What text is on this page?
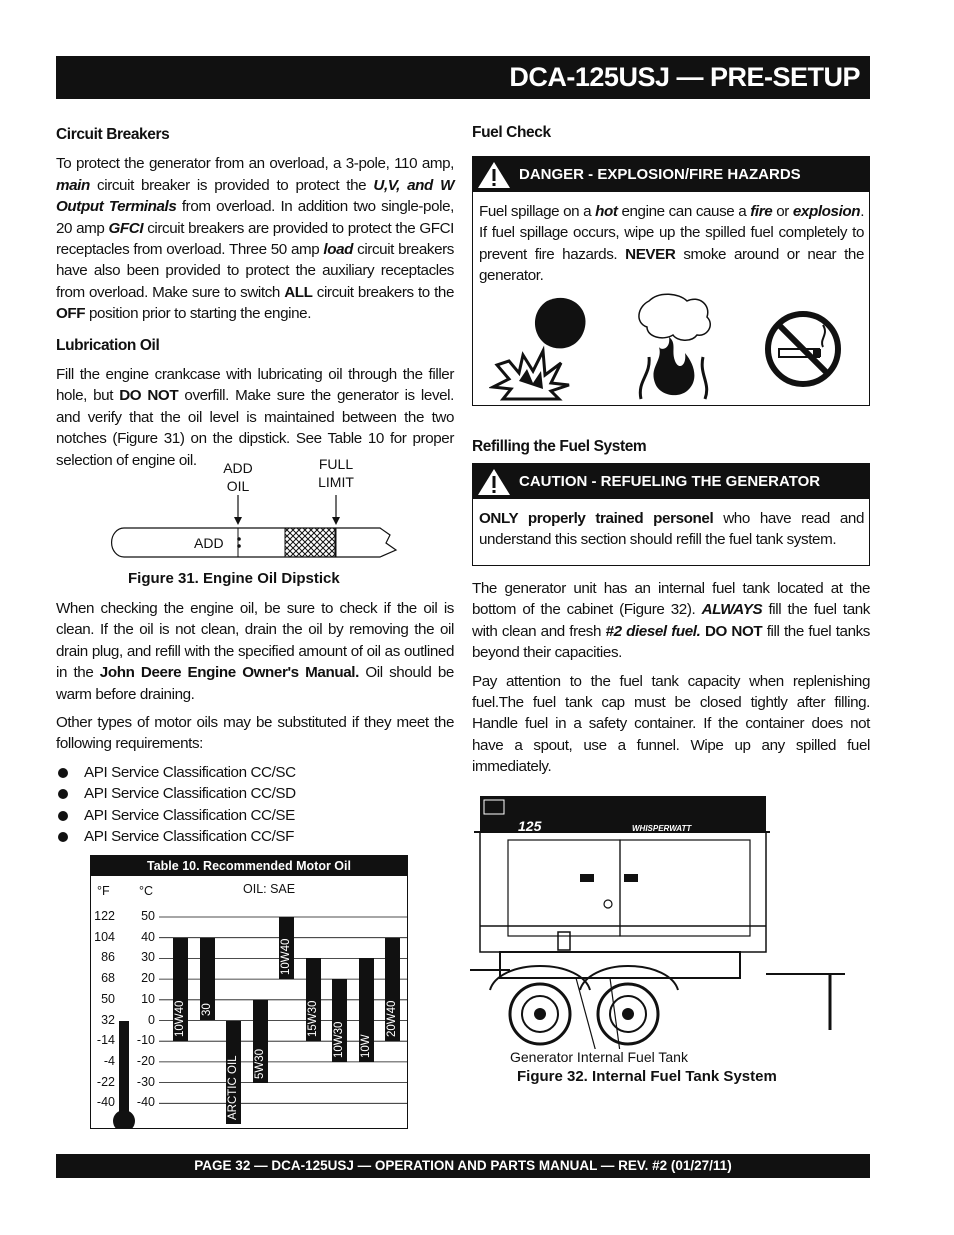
DCA-125USJ — PRE-SETUP

Circuit Breakers

To protect the generator from an overload, a 3-pole, 110 amp, main circuit breaker is provided to protect the U,V, and W Output Terminals from overload. In addition two single-pole, 20 amp GFCI circuit breakers are provided to protect the GFCI receptacles from overload. Three 50 amp load circuit breakers have also been provided to protect the auxiliary receptacles from overload. Make sure to switch ALL circuit breakers to the OFF position prior to starting the engine.

Lubrication Oil

Fill the engine crankcase with lubricating oil through the filler hole, but DO NOT overfill. Make sure the generator is level. and verify that the oil level is maintained between the two notches (Figure 31) on the dipstick. See Table 10 for proper selection of engine oil.	ADD
OIL
FULL
LIMIT
ADD
Figure 31. Engine Oil Dipstick

When checking the engine oil, be sure to check if the oil is clean. If the oil is not clean, drain the oil by removing the oil drain plug, and refill with the specified amount of oil as outlined in the John Deere Engine Owner's Manual. Oil should be warm before draining.

Other types of motor oils may be substituted if they meet the following requirements:

API Service Classification CC/SC
API Service Classification CC/SD
API Service Classification CC/SE
API Service Classification CC/SF
Table 10. Recommended Motor Oil
°F °C	OIL: SAE
122
104
86
68
50
32
-14
-4
-22
-40
50
40
30
20
10
0
-10
-20
-30
-40
10W40 30
ARCTIC OIL 5W30
10W40
15W30
10W30 10W
20W40

Fuel Check

DANGER - EXPLOSION/FIRE HAZARDS

Fuel spillage on a hot engine can cause a fire or explosion. If fuel spillage occurs, wipe up the spilled fuel completely to prevent fire hazards. NEVER smoke around or near the generator.

Refilling the Fuel System

CAUTION - REFUELING THE GENERATOR

ONLY properly trained personel who have read and understand this section should refill the fuel tank system.

The generator unit has an internal fuel tank located at the bottom of the cabinet (Figure 32). ALWAYS fill the fuel tank with clean and fresh #2 diesel fuel. DO NOT fill the fuel tanks beyond their capacities.

Pay attention to the fuel tank capacity when replenishing fuel.The fuel tank cap must be closed tightly after filling. Handle fuel in a safety container. If the container does not have a spout, use a funnel. Wipe up any spilled fuel immediately.

125	WHISPERWATT
Generator Internal Fuel Tank
Figure 32. Internal Fuel Tank System
PAGE 32 — DCA-125USJ — OPERATION AND PARTS MANUAL — REV. #2 (01/27/11)
